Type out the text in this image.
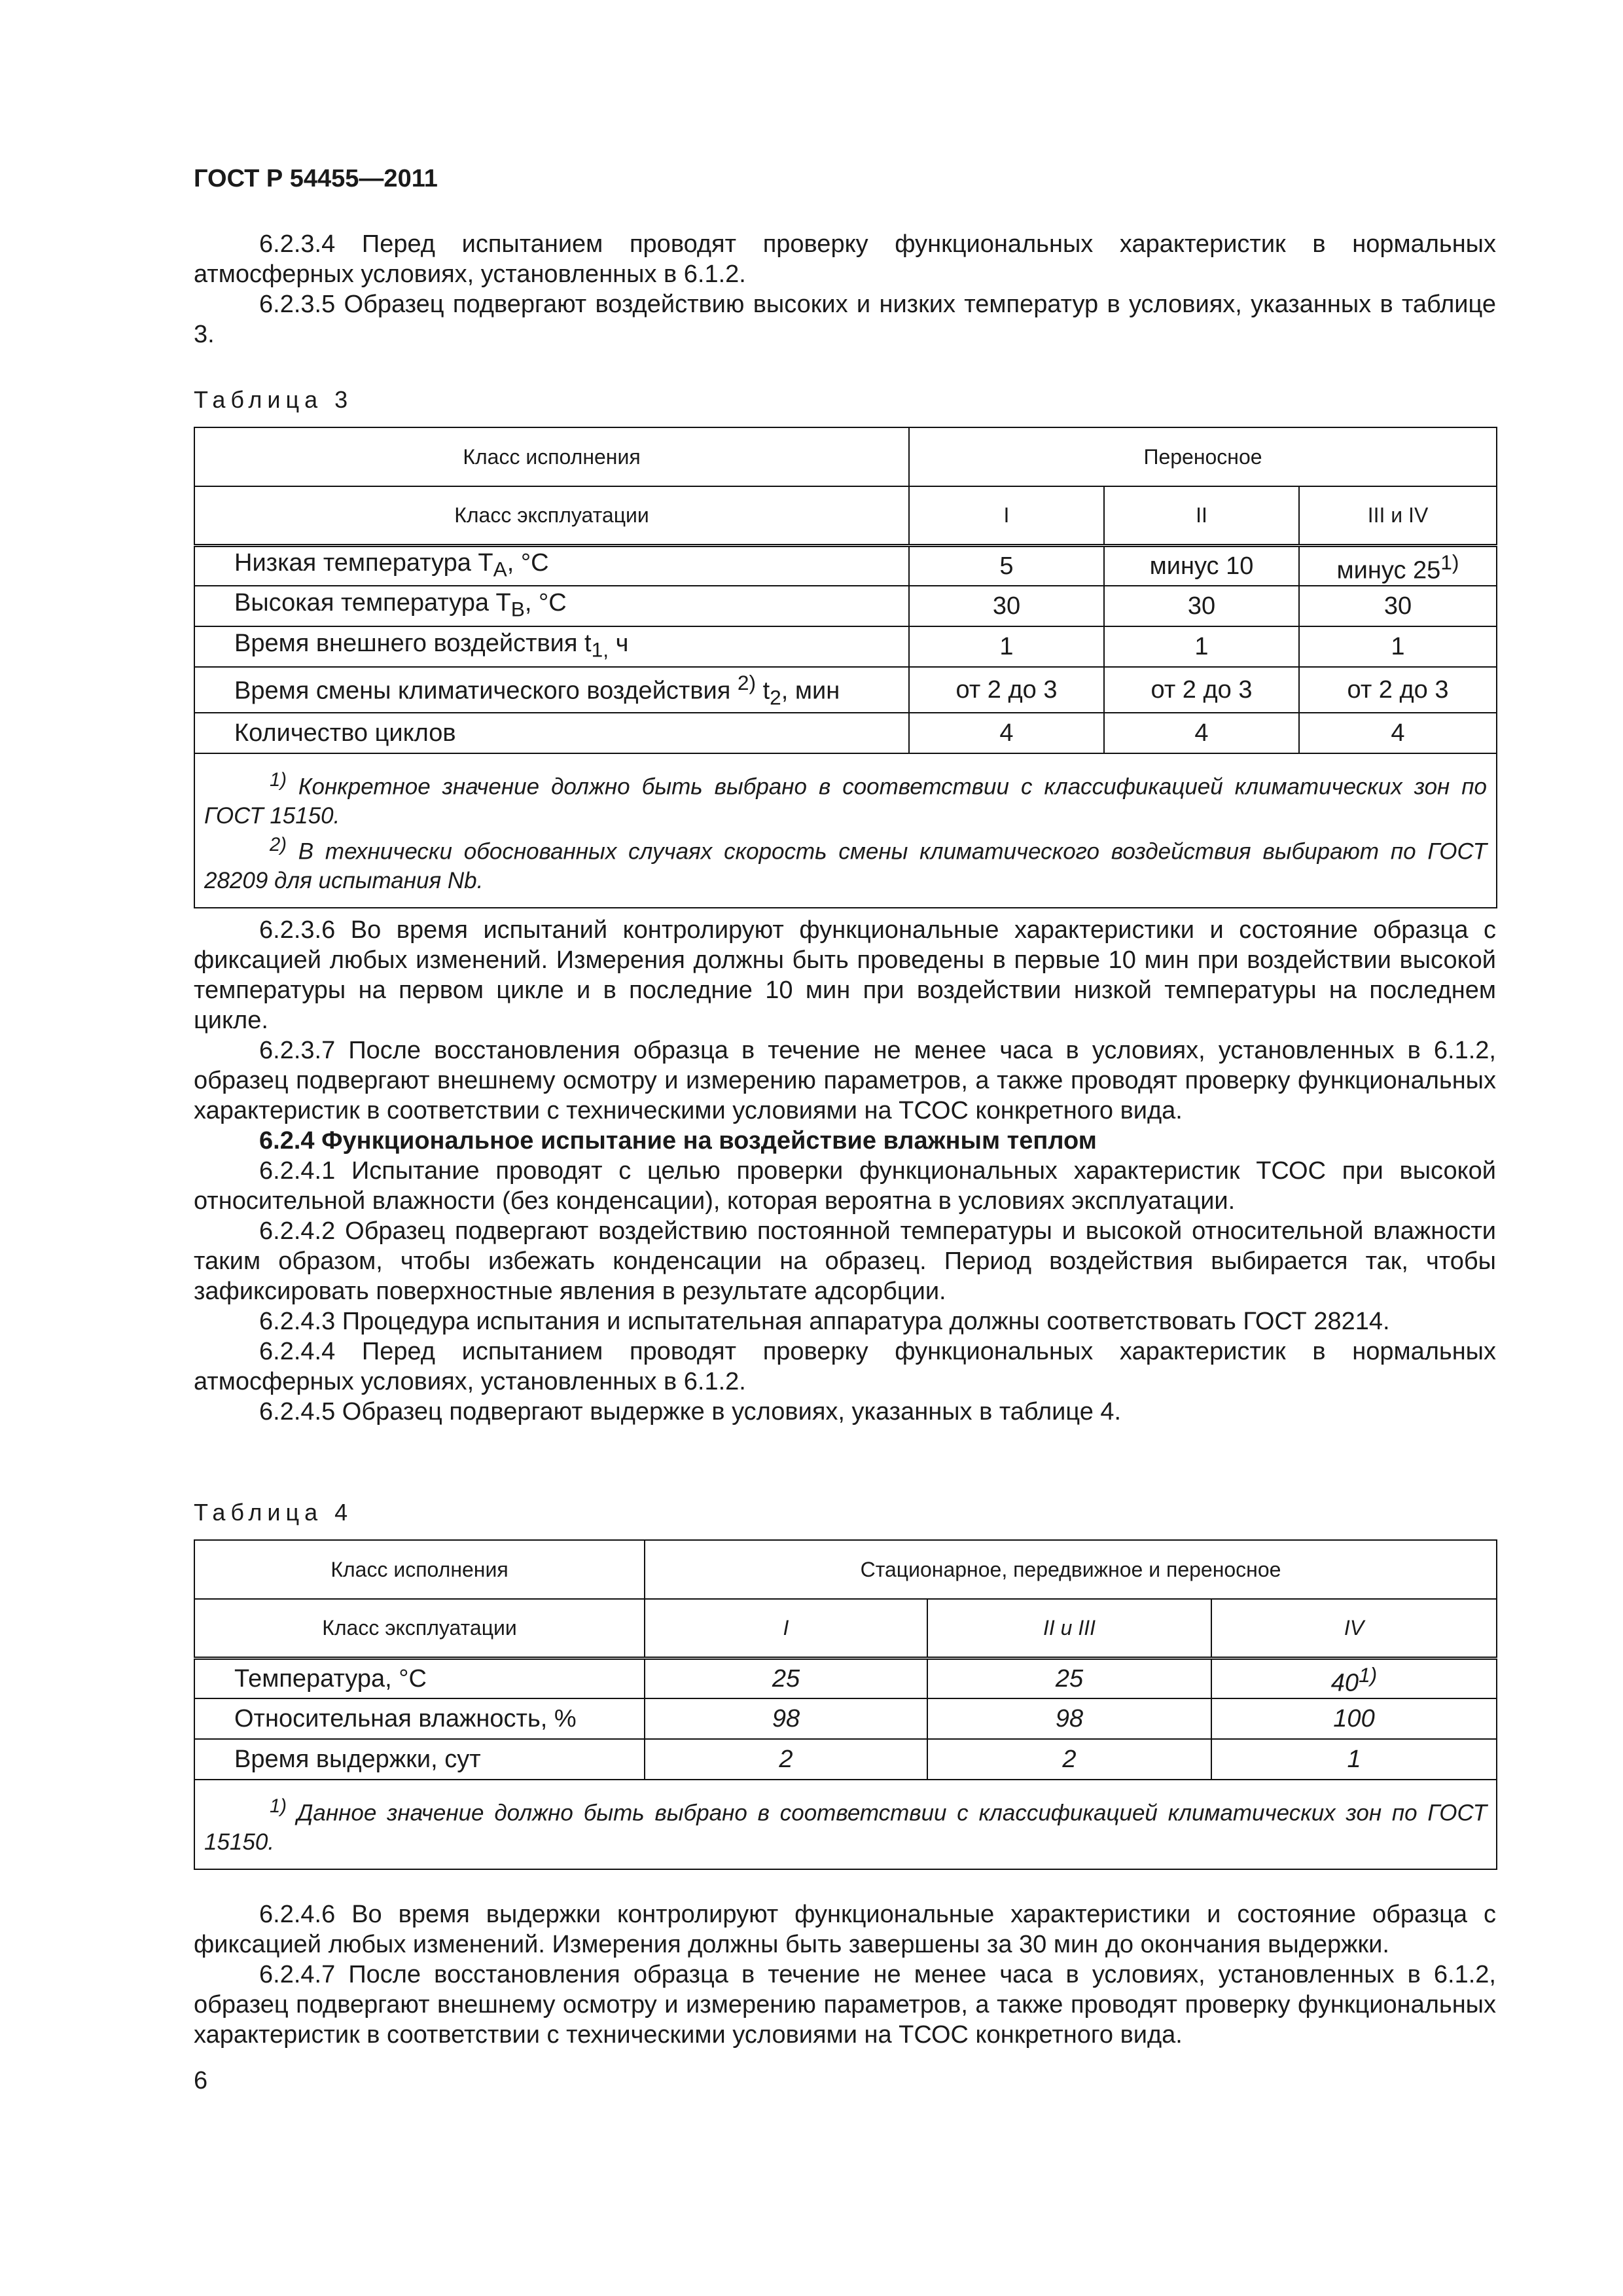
ГОСТ Р 54455—2011

6.2.3.4 Перед испытанием проводят проверку функциональных характеристик в нормальных атмосферных условиях, установленных в 6.1.2.

6.2.3.5 Образец подвергают воздействию высоких и низких температур в условиях, указанных в таблице 3.

Таблица 3
Класс исполнения	Переносное		
Класс эксплуатации	I	II	III и IV
Низкая температура $T_A$, °C	5	минус 10	минус 25$^{1)}$
Высокая температура $T_B$, °C	30	30	30
Время внешнего воздействия $t_{1,}$ ч	1	1	1
Время смены климатического воздействия $^{2)}$ $t_2$, мин	от 2 до 3	от 2 до 3	от 2 до 3
Количество циклов	4	4	4

$^{1)}$ Конкретное значение должно быть выбрано в соответствии с классификацией климатических зон по ГОСТ 15150.

$^{2)}$ В технически обоснованных случаях скорость смены климатического воздействия выбирают по ГОСТ 28209 для испытания Nb.			

6.2.3.6 Во время испытаний контролируют функциональные характеристики и состояние образца с фиксацией любых изменений. Измерения должны быть проведены в первые 10 мин при воздействии высокой температуры на первом цикле и в последние 10 мин при воздействии низкой температуры на последнем цикле.

6.2.3.7 После восстановления образца в течение не менее часа в условиях, установленных в 6.1.2, образец подвергают внешнему осмотру и измерению параметров, а также проводят проверку функциональных характеристик в соответствии с техническими условиями на ТСОС конкретного вида.

6.2.4 Функциональное испытание на воздействие влажным теплом

6.2.4.1 Испытание проводят с целью проверки функциональных характеристик ТСОС при высокой относительной влажности (без конденсации), которая вероятна в условиях эксплуатации.

6.2.4.2 Образец подвергают воздействию постоянной температуры и высокой относительной влажности таким образом, чтобы избежать конденсации на образец. Период воздействия выбирается так, чтобы зафиксировать поверхностные явления в результате адсорбции.

6.2.4.3 Процедура испытания и испытательная аппаратура должны соответствовать ГОСТ 28214.

6.2.4.4 Перед испытанием проводят проверку функциональных характеристик в нормальных атмосферных условиях, установленных в 6.1.2.

6.2.4.5 Образец подвергают выдержке в условиях, указанных в таблице 4.

Таблица 4
Класс исполнения	Стационарное, передвижное и переносное		
Класс эксплуатации	I	II и III	IV
Температура, °C	25	25	40$^{1)}$
Относительная влажность, %	98	98	100
Время выдержки, сут	2	2	1

$^{1)}$ Данное значение должно быть выбрано в соответствии с классификацией климатических зон по ГОСТ 15150.			

6.2.4.6 Во время выдержки контролируют функциональные характеристики и состояние образца с фиксацией любых изменений. Измерения должны быть завершены за 30 мин до окончания выдержки.

6.2.4.7 После восстановления образца в течение не менее часа в условиях, установленных в 6.1.2, образец подвергают внешнему осмотру и измерению параметров, а также проводят проверку функциональных характеристик в соответствии с техническими условиями на ТСОС конкретного вида.

6
